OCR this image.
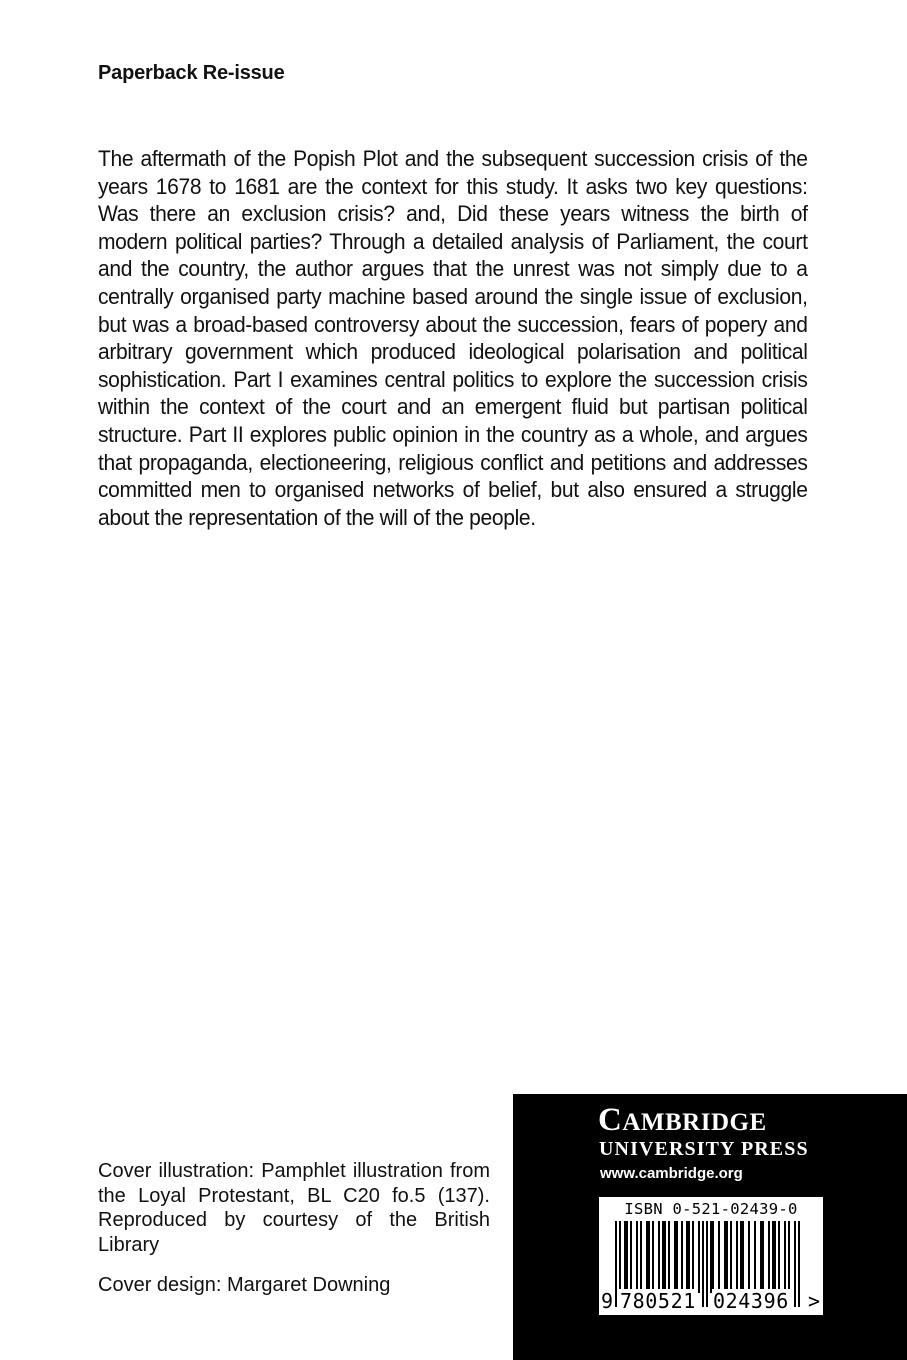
Paperback Re-issue

The aftermath of the Popish Plot and the subsequent succession crisis of the years 1678 to 1681 are the context for this study. It asks two key questions: Was there an exclusion crisis? and, Did these years witness the birth of modern political parties? Through a detailed analysis of Parliament, the court and the country, the author argues that the unrest was not simply due to a centrally organised party machine based around the single issue of exclusion, but was a broad-based controversy about the succession, fears of popery and arbitrary government which produced ideological polarisation and political sophistication. Part I examines central politics to explore the succession crisis within the context of the court and an emergent fluid but partisan political structure. Part II explores public opinion in the country as a whole, and argues that propaganda, electioneering, religious conflict and petitions and addresses committed men to organised networks of belief, but also ensured a struggle about the representation of the will of the people.

Cover illustration: Pamphlet illustration from the Loyal Protestant, BL C20 fo.5 (137). Reproduced by courtesy of the British Library

Cover design: Margaret Downing

CAMBRIDGE
UNIVERSITY PRESS
www.cambridge.org
ISBN 0-521-02439-0
9 780521 024396 >
